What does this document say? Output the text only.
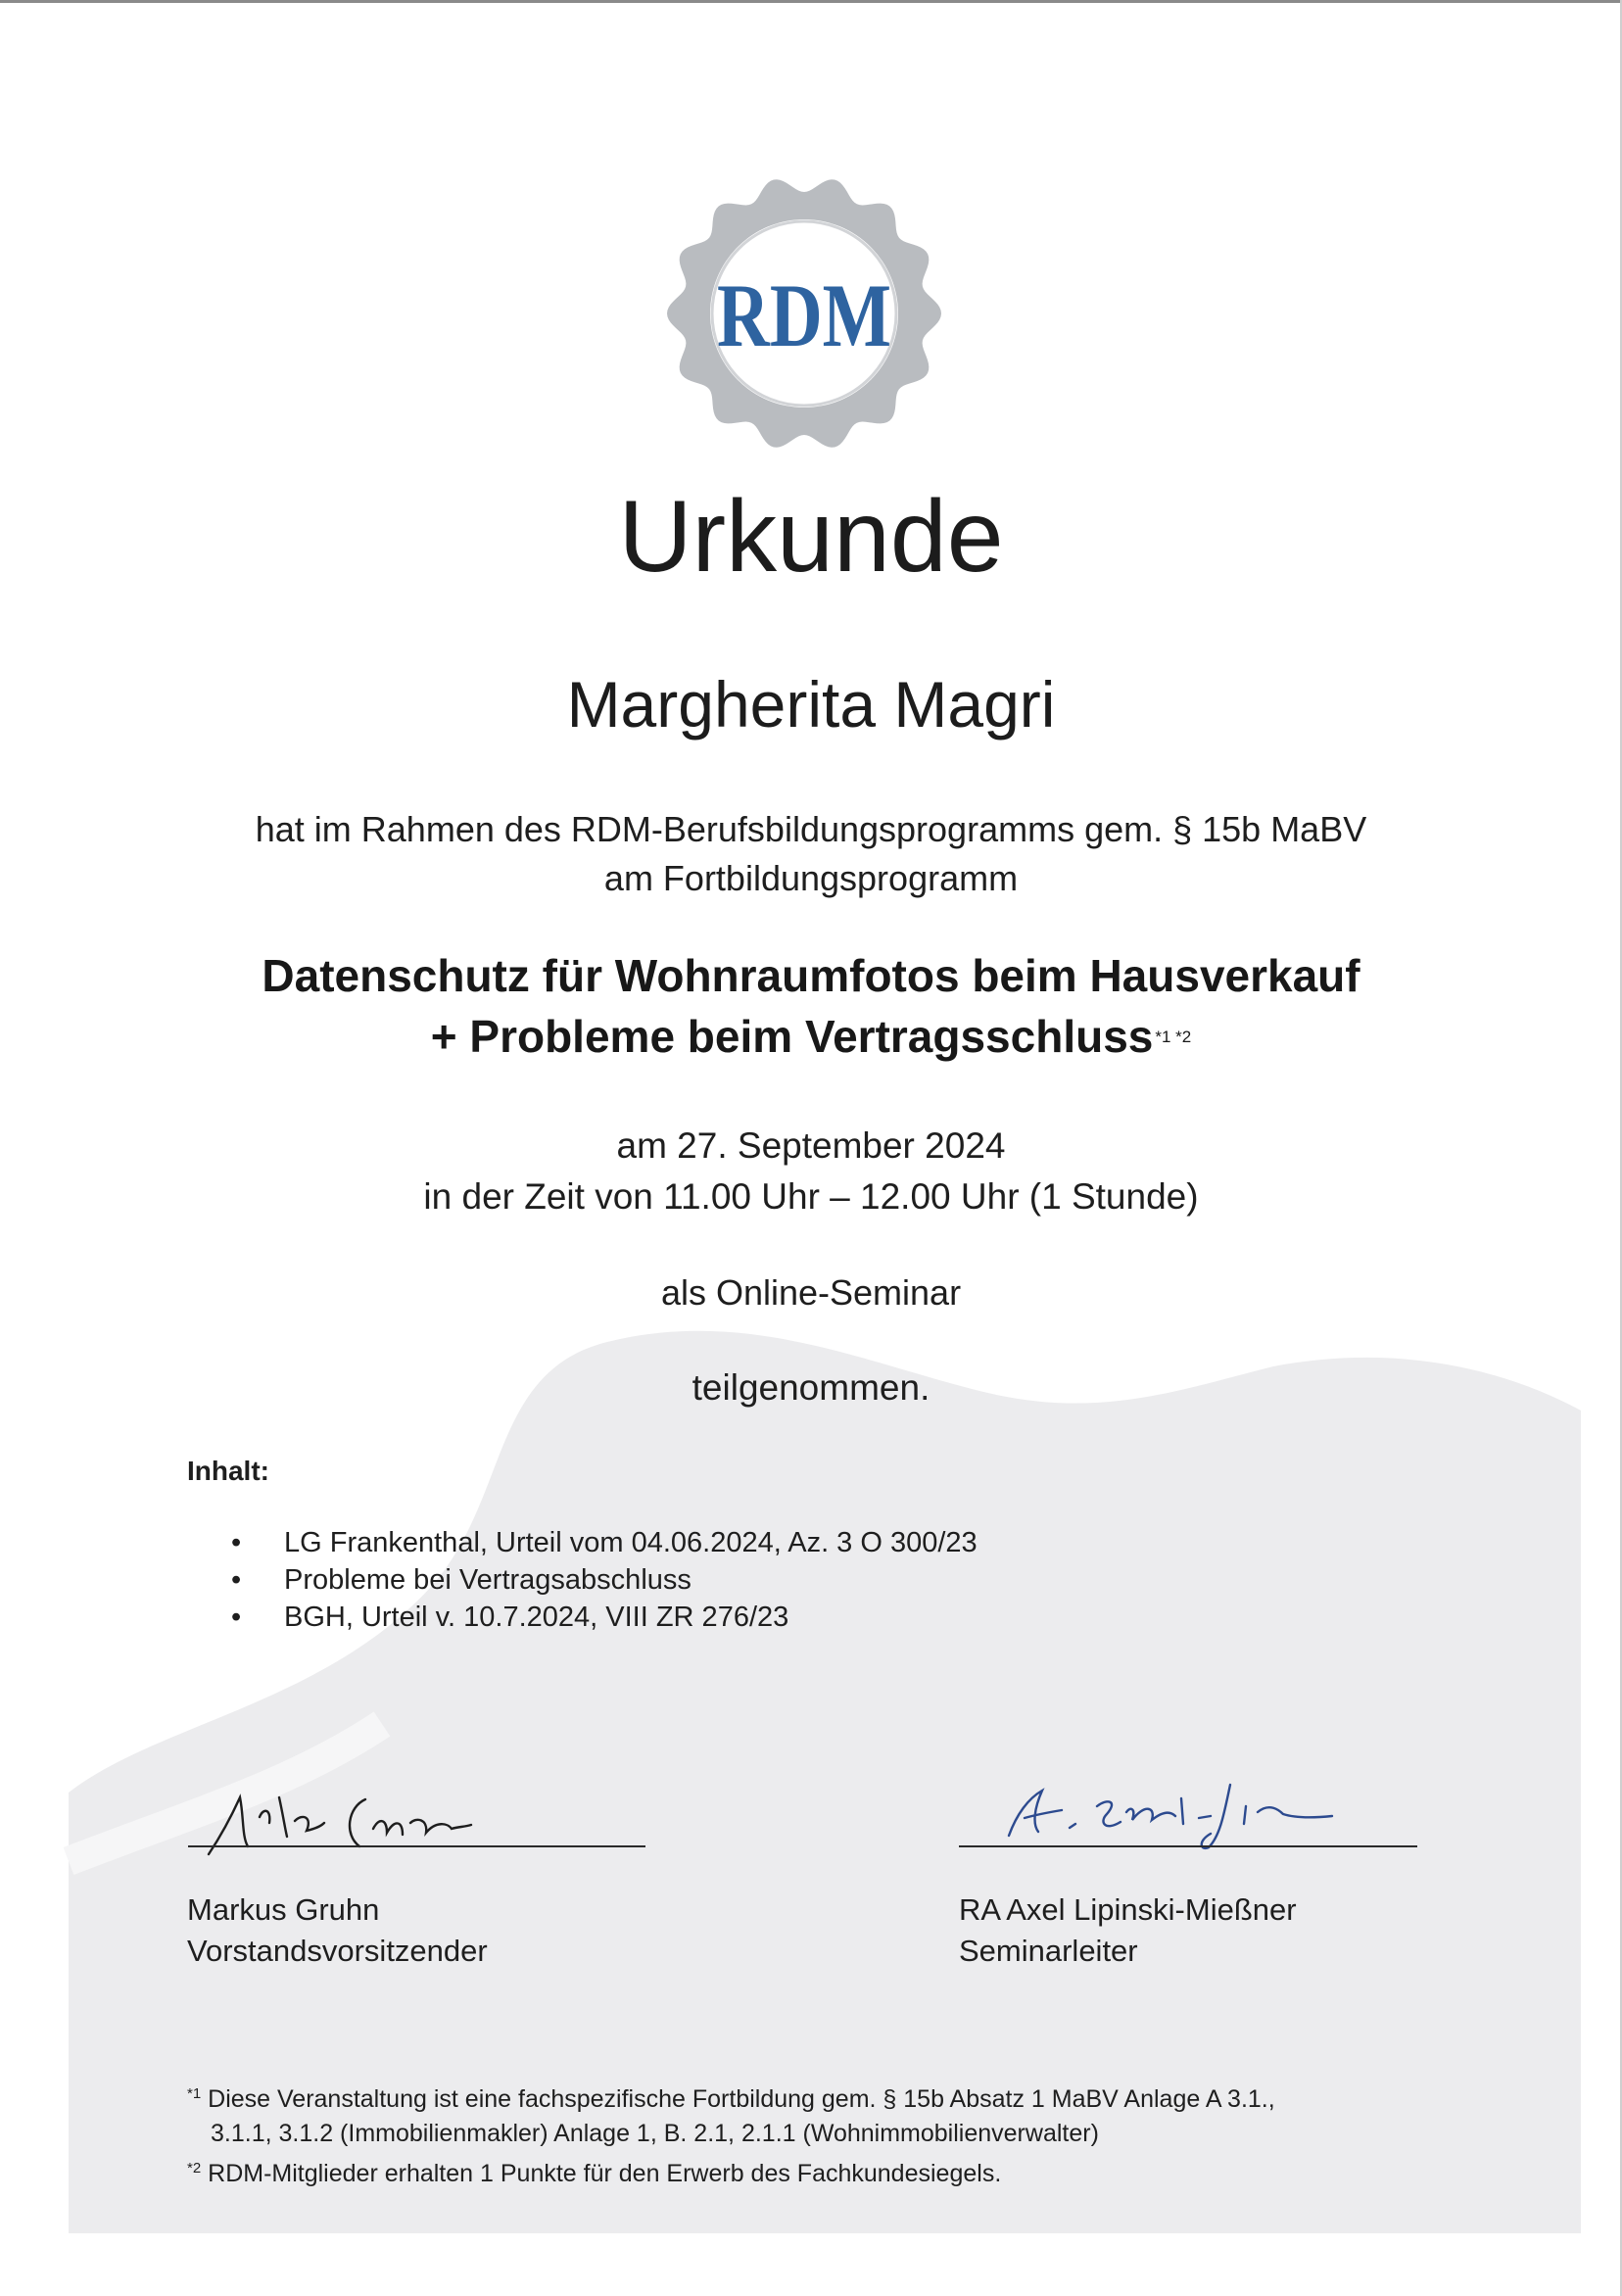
RDM
Urkunde
Margherita Magri
hat im Rahmen des RDM-Berufsbildungsprogramms gem. § 15b MaBV
am Fortbildungsprogramm
Datenschutz für Wohnraumfotos beim Hausverkauf
+ Probleme beim Vertragsschluss $^{*1 *2}$
am 27. September 2024
in der Zeit von 11.00 Uhr – 12.00 Uhr (1 Stunde)
als Online-Seminar
teilgenommen.
Inhalt:
• LG Frankenthal, Urteil vom 04.06.2024, Az. 3 O 300/23
• Probleme bei Vertragsabschluss
• BGH, Urteil v. 10.7.2024, VIII ZR 276/23
Markus Gruhn
Vorstandsvorsitzender
RA Axel Lipinski-Mießner
Seminarleiter

$^{*1}$ Diese Veranstaltung ist eine fachspezifische Fortbildung gem. § 15b Absatz 1 MaBV Anlage A 3.1.,

3.1.1, 3.1.2 (Immobilienmakler) Anlage 1, B. 2.1, 2.1.1 (Wohnimmobilienverwalter)

$^{*2}$ RDM-Mitglieder erhalten 1 Punkte für den Erwerb des Fachkundesiegels.
